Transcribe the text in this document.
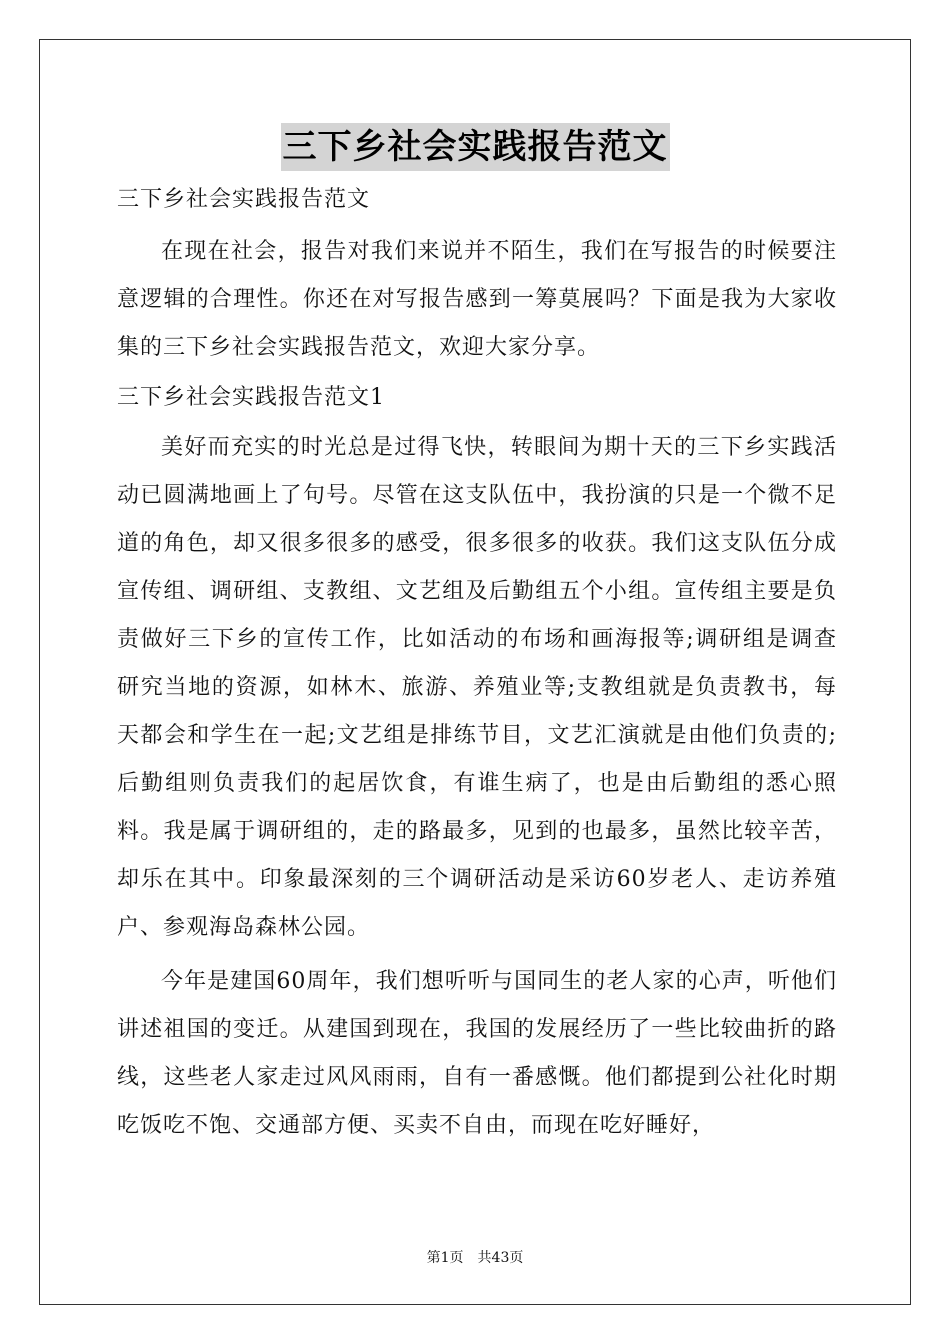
三下乡社会实践报告范文

三下乡社会实践报告范文

在现在社会，报告对我们来说并不陌生，我们在写报告的时候要注意逻辑的合理性。你还在对写报告感到一筹莫展吗？下面是我为大家收集的三下乡社会实践报告范文，欢迎大家分享。

三下乡社会实践报告范文1

美好而充实的时光总是过得飞快，转眼间为期十天的三下乡实践活动已圆满地画上了句号。尽管在这支队伍中，我扮演的只是一个微不足道的角色，却又很多很多的感受，很多很多的收获。我们这支队伍分成宣传组、调研组、支教组、文艺组及后勤组五个小组。宣传组主要是负责做好三下乡的宣传工作，比如活动的布场和画海报等;调研组是调查研究当地的资源，如林木、旅游、养殖业等;支教组就是负责教书，每天都会和学生在一起;文艺组是排练节目，文艺汇演就是由他们负责的;后勤组则负责我们的起居饮食，有谁生病了，也是由后勤组的悉心照料。我是属于调研组的，走的路最多，见到的也最多，虽然比较辛苦，却乐在其中。印象最深刻的三个调研活动是采访60岁老人、走访养殖户、参观海岛森林公园。

今年是建国60周年，我们想听听与国同生的老人家的心声，听他们讲述祖国的变迁。从建国到现在，我国的发展经历了一些比较曲折的路线，这些老人家走过风风雨雨，自有一番感慨。他们都提到公社化时期吃饭吃不饱、交通部方便、买卖不自由，而现在吃好睡好，

第1页 共43页
